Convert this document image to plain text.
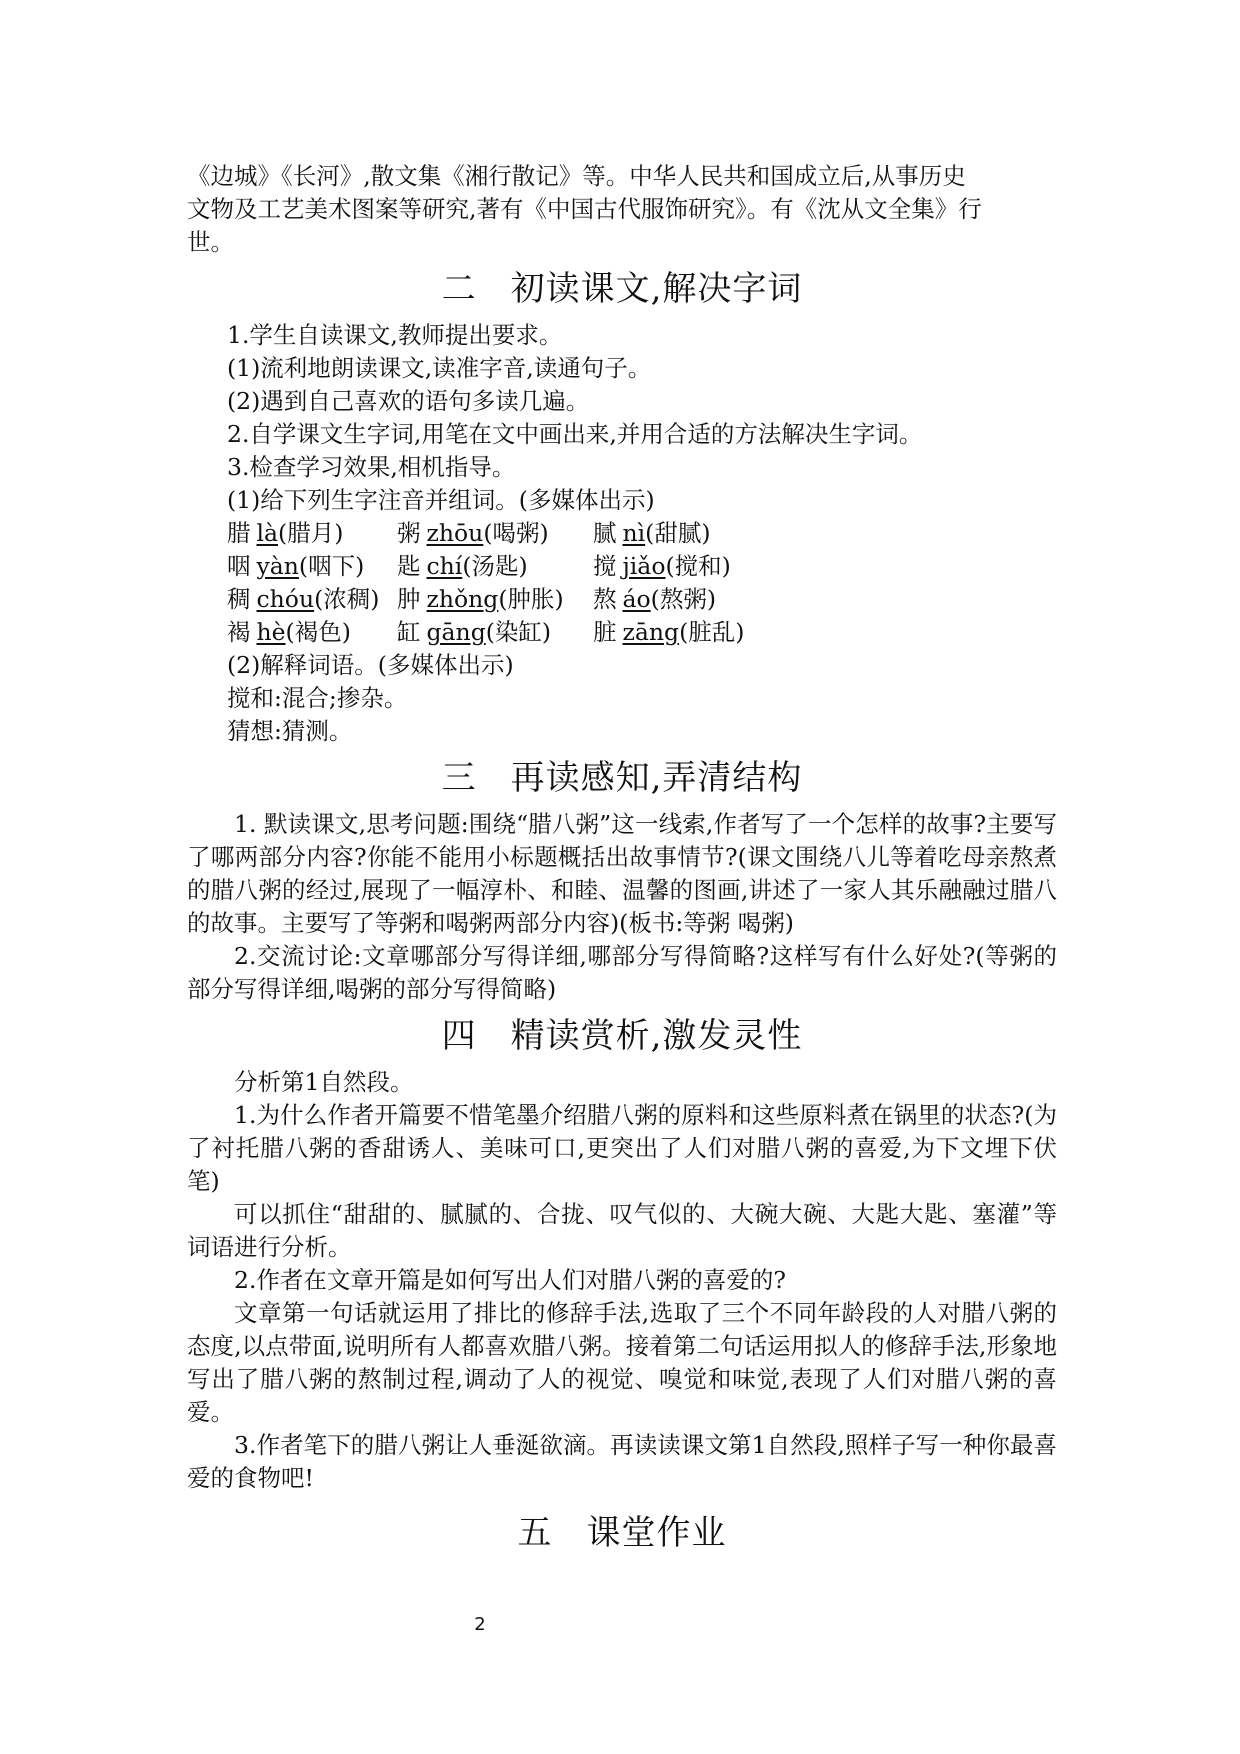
《边城》《长河》,散文集《湘行散记》等。中华人民共和国成立后,从事历史

文物及工艺美术图案等研究,著有《中国古代服饰研究》。有《沈从文全集》行

世。

二 初读课文,解决字词

1.学生自读课文,教师提出要求。

(1)流利地朗读课文,读准字音,读通句子。

(2)遇到自己喜欢的语句多读几遍。

2.自学课文生字词,用笔在文中画出来,并用合适的方法解决生字词。

3.检查学习效果,相机指导。

(1)给下列生字注音并组词。(多媒体出示)

腊 là(腊月)	粥 zhōu(喝粥)	腻 nì(甜腻)
咽 yàn(咽下)	匙 chí(汤匙)	搅 jiǎo(搅和)
稠 chóu(浓稠) 肿 zhǒng(肿胀)	熬 áo(熬粥)
褐 hè(褐色)	缸 gāng(染缸)	脏 zāng(脏乱)

(2)解释词语。(多媒体出示)

搅和:混合;掺杂。

猜想:猜测。

三 再读感知,弄清结构

1. 默读课文,思考问题:围绕“腊八粥”这一线索,作者写了一个怎样的故事?主要写了哪两部分内容?你能不能用小标题概括出故事情节?(课文围绕八儿等着吃母亲熬煮的腊八粥的经过,展现了一幅淳朴、和睦、温馨的图画,讲述了一家人其乐融融过腊八的故事。主要写了等粥和喝粥两部分内容)(板书:等粥 喝粥)

2.交流讨论:文章哪部分写得详细,哪部分写得简略?这样写有什么好处?(等粥的部分写得详细,喝粥的部分写得简略)

四 精读赏析,激发灵性

分析第1自然段。

1.为什么作者开篇要不惜笔墨介绍腊八粥的原料和这些原料煮在锅里的状态?(为了衬托腊八粥的香甜诱人、美味可口,更突出了人们对腊八粥的喜爱,为下文埋下伏笔)

可以抓住“甜甜的、腻腻的、合拢、叹气似的、大碗大碗、大匙大匙、塞灌”等词语进行分析。

2.作者在文章开篇是如何写出人们对腊八粥的喜爱的?

文章第一句话就运用了排比的修辞手法,选取了三个不同年龄段的人对腊八粥的态度,以点带面,说明所有人都喜欢腊八粥。接着第二句话运用拟人的修辞手法,形象地写出了腊八粥的熬制过程,调动了人的视觉、嗅觉和味觉,表现了人们对腊八粥的喜爱。

3.作者笔下的腊八粥让人垂涎欲滴。再读读课文第1自然段,照样子写一种你最喜爱的食物吧!

五 课堂作业
2
